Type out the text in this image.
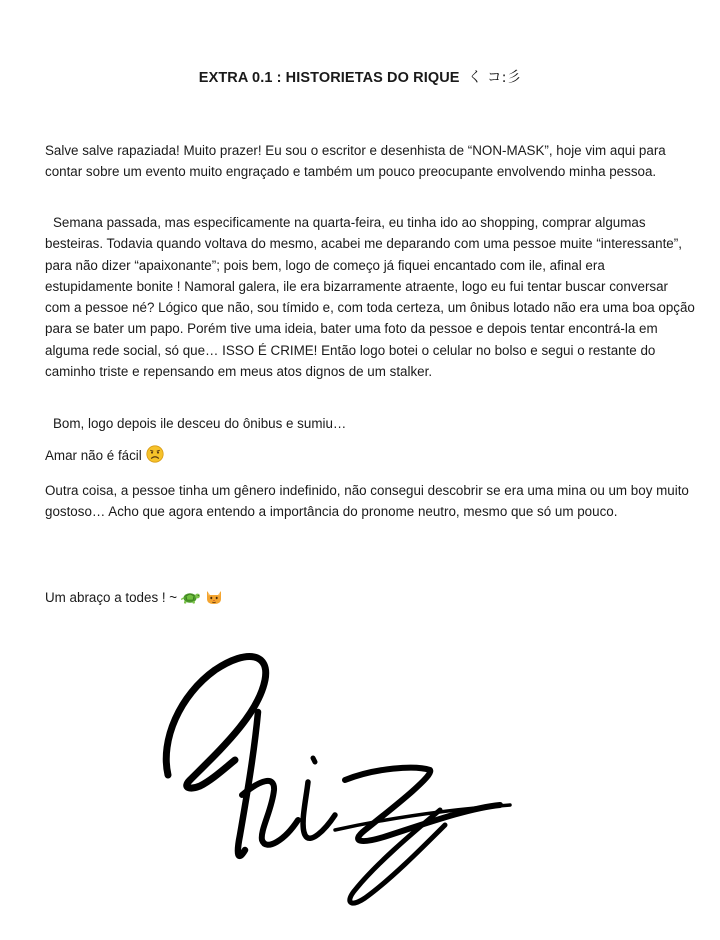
EXTRA 0.1 : HISTORIETAS DO RIQUE く コ:彡
Salve salve rapaziada! Muito prazer! Eu sou o escritor e desenhista de “NON-MASK”, hoje vim aqui para contar sobre um evento muito engraçado e também um pouco preocupante envolvendo minha pessoa.
Semana passada, mas especificamente na quarta-feira, eu tinha ido ao shopping, comprar algumas besteiras. Todavia quando voltava do mesmo, acabei me deparando com uma pessoe muite “interessante”, para não dizer “apaixonante”; pois bem, logo de começo já fiquei encantado com ile, afinal era estupidamente bonite ! Namoral galera, ile era bizarramente atraente, logo eu fui tentar buscar conversar com a pessoe né? Lógico que não, sou tímido e, com toda certeza, um ônibus lotado não era uma boa opção para se bater um papo. Porém tive uma ideia, bater uma foto da pessoe e depois tentar encontrá-la em alguma rede social, só que… ISSO É CRIME! Então logo botei o celular no bolso e segui o restante do caminho triste e repensando em meus atos dignos de um stalker.
Bom, logo depois ile desceu do ônibus e sumiu…
Amar não é fácil
Outra coisa, a pessoe tinha um gênero indefinido, não consegui descobrir se era uma mina ou um boy muito gostoso… Acho que agora entendo a importância do pronome neutro, mesmo que só um pouco.
Um abraço a todes ! ~
